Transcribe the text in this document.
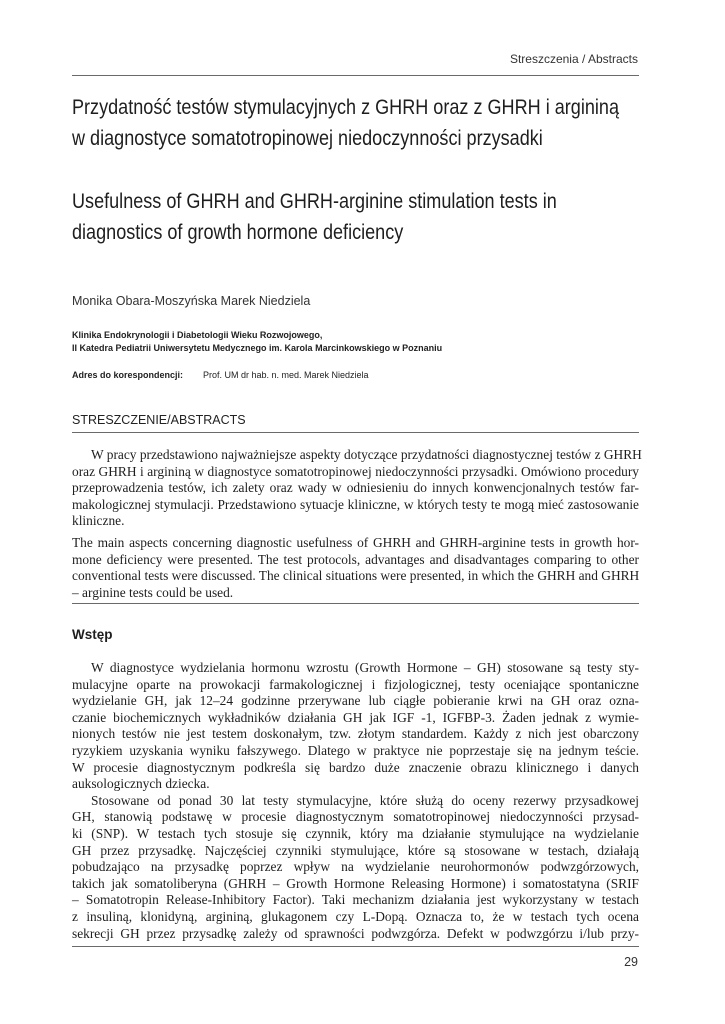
Streszczenia / Abstracts
Przydatność testów stymulacyjnych z GHRH oraz z GHRH i argininą
w diagnostyce somatotropinowej niedoczynności przysadki
Usefulness of GHRH and GHRH-arginine stimulation tests in
diagnostics of growth hormone deficiency
Monika Obara-Moszyńska Marek Niedziela
Klinika Endokrynologii i Diabetologii Wieku Rozwojowego,
II Katedra Pediatrii Uniwersytetu Medycznego im. Karola Marcinkowskiego w Poznaniu
Adres do korespondencji: Prof. UM dr hab. n. med. Marek Niedziela
STRESZCZENIE/ABSTRACTS
W pracy przedstawiono najważniejsze aspekty dotyczące przydatności diagnostycznej testów z GHRH
oraz GHRH i argininą w diagnostyce somatotropinowej niedoczynności przysadki. Omówiono procedury
przeprowadzenia testów, ich zalety oraz wady w odniesieniu do innych konwencjonalnych testów far-
makologicznej stymulacji. Przedstawiono sytuacje kliniczne, w których testy te mogą mieć zastosowanie
kliniczne.
The main aspects concerning diagnostic usefulness of GHRH and GHRH-arginine tests in growth hor-
mone deficiency were presented. The test protocols, advantages and disadvantages comparing to other
conventional tests were discussed. The clinical situations were presented, in which the GHRH and GHRH
– arginine tests could be used.
Wstęp
W diagnostyce wydzielania hormonu wzrostu (Growth Hormone – GH) stosowane są testy sty-
mulacyjne oparte na prowokacji farmakologicznej i fizjologicznej, testy oceniające spontaniczne
wydzielanie GH, jak 12–24 godzinne przerywane lub ciągłe pobieranie krwi na GH oraz ozna-
czanie biochemicznych wykładników działania GH jak IGF -1, IGFBP-3. Żaden jednak z wymie-
nionych testów nie jest testem doskonałym, tzw. złotym standardem. Każdy z nich jest obarczony
ryzykiem uzyskania wyniku fałszywego. Dlatego w praktyce nie poprzestaje się na jednym teście.
W procesie diagnostycznym podkreśla się bardzo duże znaczenie obrazu klinicznego i danych
auksologicznych dziecka.
Stosowane od ponad 30 lat testy stymulacyjne, które służą do oceny rezerwy przysadkowej
GH, stanowią podstawę w procesie diagnostycznym somatotropinowej niedoczynności przysad-
ki (SNP). W testach tych stosuje się czynnik, który ma działanie stymulujące na wydzielanie
GH przez przysadkę. Najczęściej czynniki stymulujące, które są stosowane w testach, działają
pobudzająco na przysadkę poprzez wpływ na wydzielanie neurohormonów podwzgórzowych,
takich jak somatoliberyna (GHRH – Growth Hormone Releasing Hormone) i somatostatyna (SRIF
– Somatotropin Release-Inhibitory Factor). Taki mechanizm działania jest wykorzystany w testach
z insuliną, klonidyną, argininą, glukagonem czy L-Dopą. Oznacza to, że w testach tych ocena
sekrecji GH przez przysadkę zależy od sprawności podwzgórza. Defekt w podwzgórzu i/lub przy-
29
